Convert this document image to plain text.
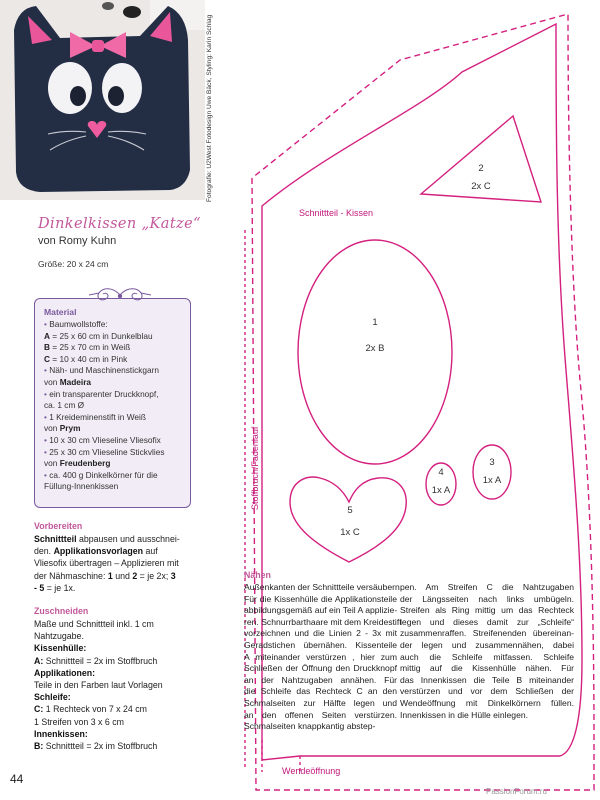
Fotografie: U2West Fotodesign Uwe Bäck, Styling: Karin Schlag
Dinkelkissen „Katze“
von Romy Kuhn
Größe: 20 x 24 cm
Material
• Baumwollstoffe:
A = 25 x 60 cm in Dunkelblau
B = 25 x 70 cm in Weiß
C = 10 x 40 cm in Pink
• Näh- und Maschinenstickgarn
von Madeira
• ein transparenter Druckknopf,
ca. 1 cm Ø
• 1 Kreideminenstift in Weiß
von Prym
• 10 x 30 cm Vlieseline Vliesofix
• 25 x 30 cm Vlieseline Stickvlies
von Freudenberg
• ca. 400 g Dinkelkörner für die
Füllung-Innenkissen
Vorbereiten
Schnittteil abpausen und ausschnei-
den. Applikationsvorlagen auf
Vliesofix übertragen – Applizieren mit
der Nähmaschine: 1 und 2 = je 2x; 3
- 5 = je 1x.
Zuschneiden
Maße und Schnittteil inkl. 1 cm
Nahtzugabe.
Kissenhülle:
A: Schnittteil = 2x im Stoffbruch
Applikationen:
Teile in den Farben laut Vorlagen
Schleife:
C: 1 Rechteck von 7 x 24 cm
1 Streifen von 3 x 6 cm
Innenkissen:
B: Schnittteil = 2x im Stoffbruch
Schnittteil - Kissen
Stoffbruch/Fadenlauf
Wendeöffnung
1
2x B
2
2x C
3
1x A
4
1x A
5
1x C
Nähen
Außenkanten der Schnittteile versäubern.
Für die Kissenhülle die Applikationsteile
abbildungsgemäß auf ein Teil A applizie-
ren. Schnurrbarthaare mit dem Kreidestift
vorzeichnen und die Linien 2 - 3x mit
Geradstichen übernähen. Kissenteile
A miteinander verstürzen , hier zum
Schließen der Öffnung den Druckknopf
an der Nahtzugaben annähen. Für
die Schleife das Rechteck C an den
Schmalseiten zur Hälfte legen und
an den offenen Seiten verstürzen.
Schmalseiten knappkantig abstep-
pen. Am Streifen C die Nahtzugaben
der Längsseiten nach links umbügeln.
Streifen als Ring mittig um das Rechteck
legen und dieses damit zur „Schleife“
zusammenraffen. Streifenenden übereinan-
der legen und zusammennähen, dabei
auch die Schleife mitfassen. Schleife
mittig auf die Kissenhülle nähen. Für
das Innenkissen die Teile B miteinander
verstürzen und vor dem Schließen der
Wendeöffnung mit Dinkelkörnern füllen.
Innenkissen in die Hülle einlegen.
44
PassionForum.ru
